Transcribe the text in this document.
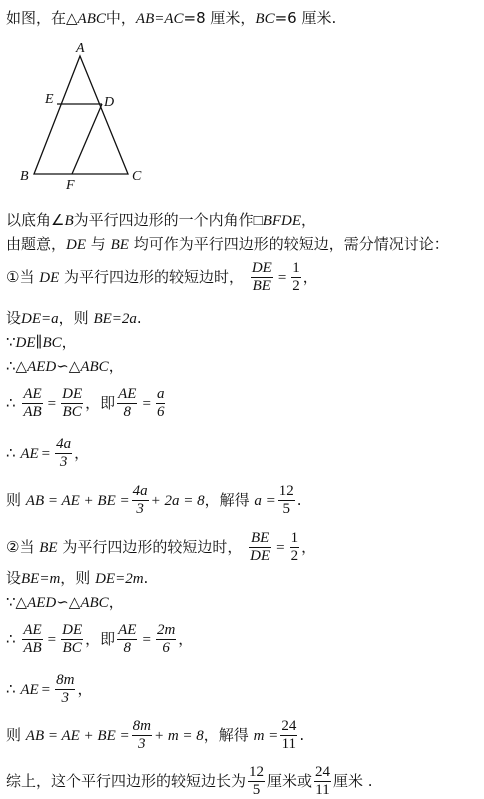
如图，在△ABC中，AB=AC=8 厘米，BC=6 厘米.
A
E	D
B
F
C
以底角∠B为平行四边形的一个内角作□BFDE，
由题意，DE 与 BE 均可作为平行四边形的较短边，需分情况讨论：
①当 DE 为平行四边形的较短边时， $\frac{DE}{BE} = \frac{1}{2}$ ，
设DE=a，则 BE=2a.
∵DE∥BC，
∴△AED∽△ABC，
∴ $\frac{AE}{AB} = \frac{DE}{BC}$ ，即 $\frac{AE}{8} = \frac{a}{6}$
∴ AE = $\frac{4a}{3}$ ，
则 AB = AE + BE = $\frac{4a}{3} + 2a = 8$，解得 $a = \frac{12}{5}$ .
②当 BE 为平行四边形的较短边时， $\frac{BE}{DE} = \frac{1}{2}$ ，
设BE=m，则 DE=2m.
∵△AED∽△ABC，
∴ $\frac{AE}{AB} = \frac{DE}{BC}$ ，即 $\frac{AE}{8} = \frac{2m}{6}$ ，
∴ AE = $\frac{8m}{3}$ ，
则 AB = AE + BE = $\frac{8m}{3} + m = 8$，解得 $m = \frac{24}{11}$ .
综上，这个平行四边形的较短边长为 $\frac{12}{5}$ 厘米或 $\frac{24}{11}$ 厘米 .
